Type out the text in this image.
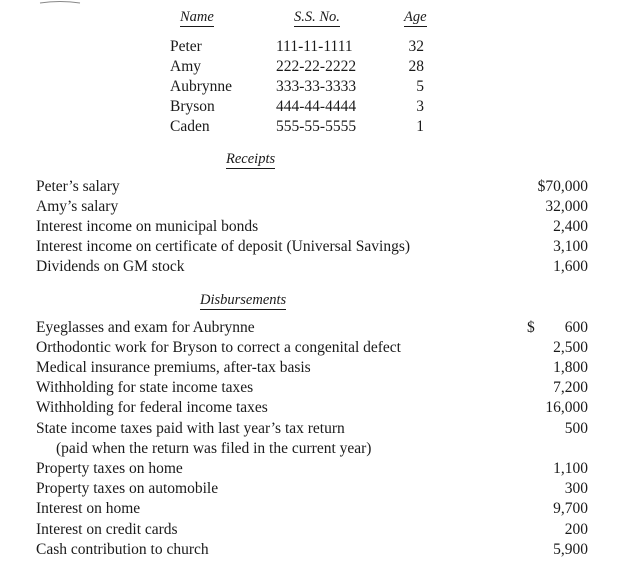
Name	S.S. No.	Age
Peter	111-11-1111	32
Amy	222-22-2222	28
Aubrynne	333-33-3333	5
Bryson	444-44-4444	3
Caden	555-55-5555	1
Receipts
Peter’s salary	$70,000
Amy’s salary	32,000
Interest income on municipal bonds	2,400
Interest income on certificate of deposit (Universal Savings)	3,100
Dividends on GM stock	1,600
Disbursements
Eyeglasses and exam for Aubrynne	$	600
Orthodontic work for Bryson to correct a congenital defect	2,500
Medical insurance premiums, after-tax basis	1,800
Withholding for state income taxes	7,200
Withholding for federal income taxes	16,000
State income taxes paid with last year’s tax return	500
(paid when the return was filed in the current year)
Property taxes on home	1,100
Property taxes on automobile	300
Interest on home	9,700
Interest on credit cards	200
Cash contribution to church	5,900
